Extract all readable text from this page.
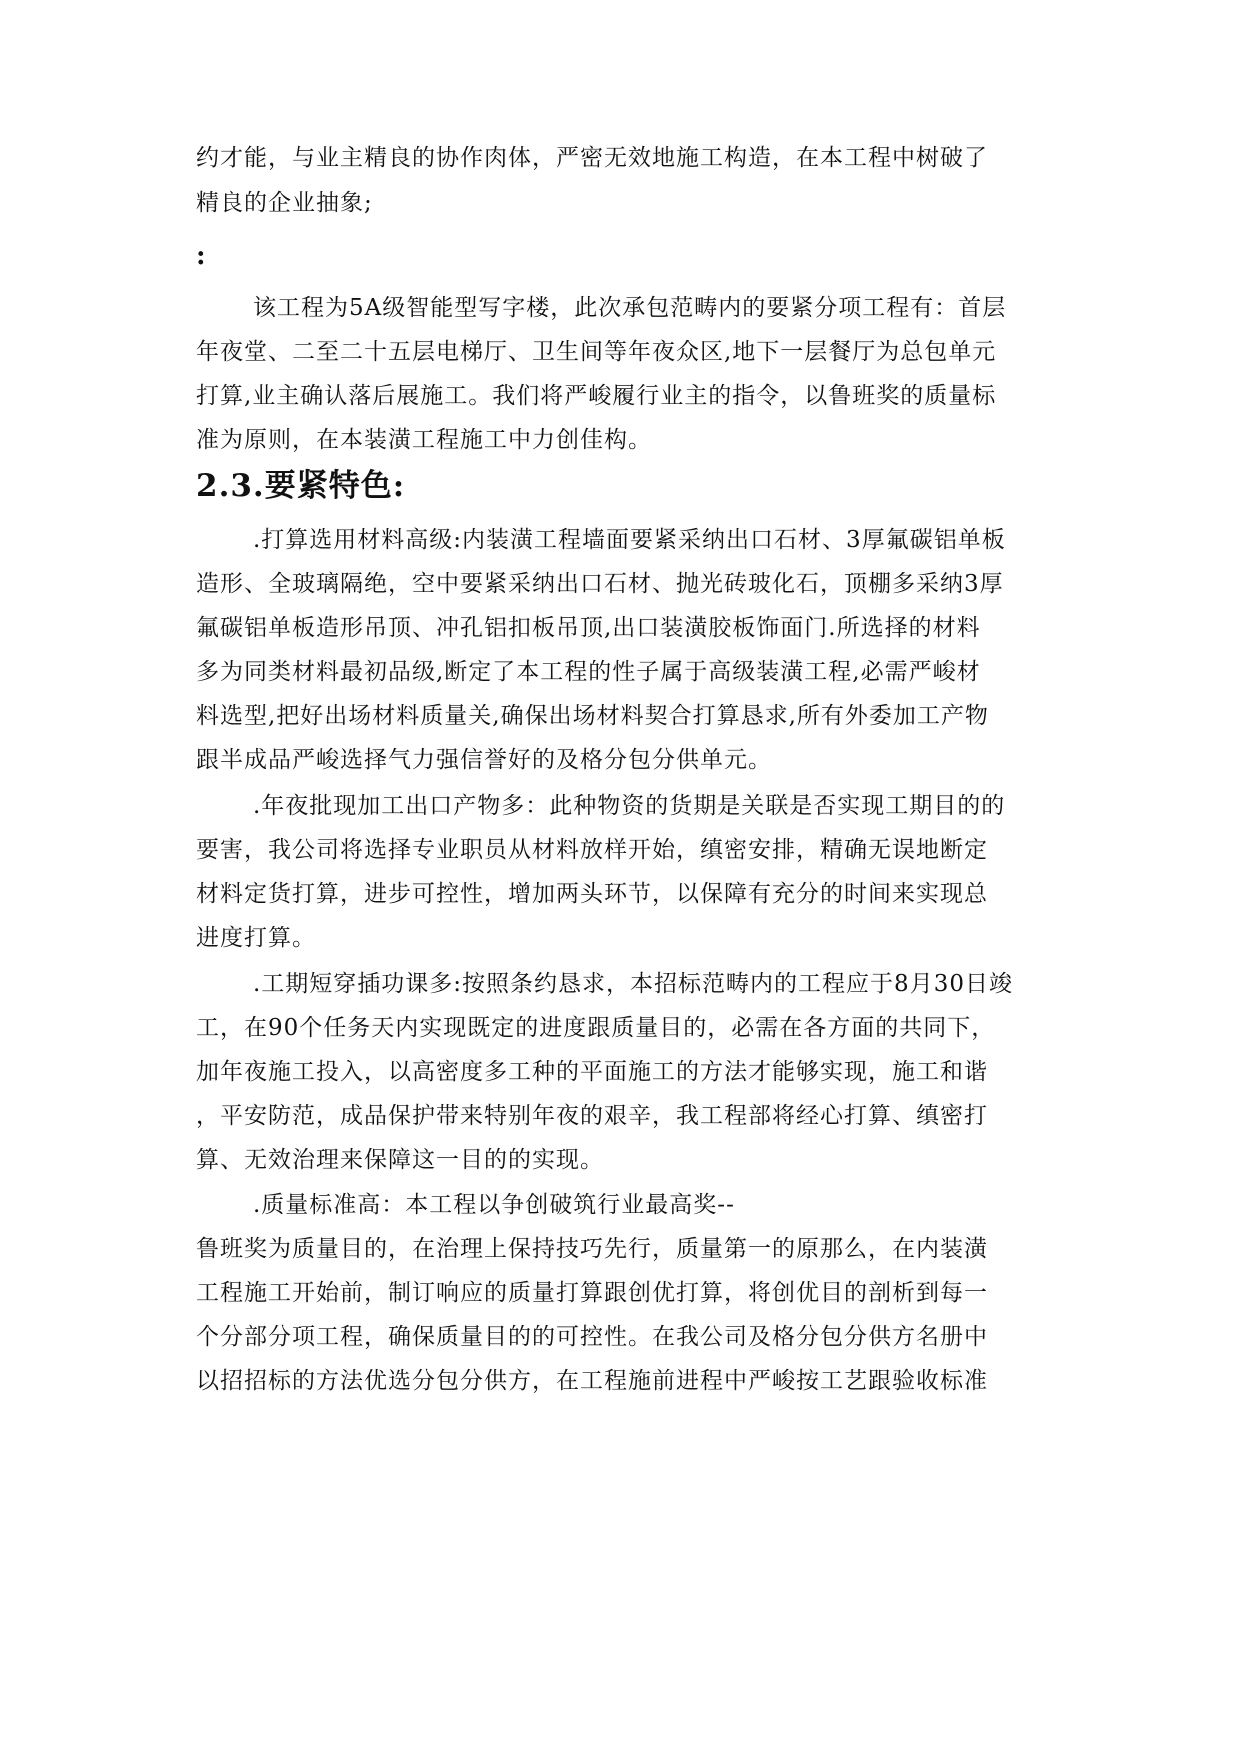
约才能，与业主精良的协作肉体，严密无效地施工构造，在本工程中树破了
精良的企业抽象;
:
该工程为5A级智能型写字楼，此次承包范畴内的要紧分项工程有：首层
年夜堂、二至二十五层电梯厅、卫生间等年夜众区,地下一层餐厅为总包单元
打算,业主确认落后展施工。我们将严峻履行业主的指令，以鲁班奖的质量标
准为原则，在本装潢工程施工中力创佳构。
2.3.要紧特色:
.打算选用材料高级:内装潢工程墙面要紧采纳出口石材、3厚氟碳铝单板
造形、全玻璃隔绝，空中要紧采纳出口石材、抛光砖玻化石，顶棚多采纳3厚
氟碳铝单板造形吊顶、冲孔铝扣板吊顶,出口装潢胶板饰面门.所选择的材料
多为同类材料最初品级,断定了本工程的性子属于高级装潢工程,必需严峻材
料选型,把好出场材料质量关,确保出场材料契合打算恳求,所有外委加工产物
跟半成品严峻选择气力强信誉好的及格分包分供单元。
.年夜批现加工出口产物多：此种物资的货期是关联是否实现工期目的的
要害，我公司将选择专业职员从材料放样开始，缜密安排，精确无误地断定
材料定货打算，进步可控性，增加两头环节，以保障有充分的时间来实现总
进度打算。
.工期短穿插功课多:按照条约恳求，本招标范畴内的工程应于8月30日竣
工，在90个任务天内实现既定的进度跟质量目的，必需在各方面的共同下，
加年夜施工投入，以高密度多工种的平面施工的方法才能够实现，施工和谐
，平安防范，成品保护带来特别年夜的艰辛，我工程部将经心打算、缜密打
算、无效治理来保障这一目的的实现。
.质量标准高：本工程以争创破筑行业最高奖--
鲁班奖为质量目的，在治理上保持技巧先行，质量第一的原那么，在内装潢
工程施工开始前，制订响应的质量打算跟创优打算，将创优目的剖析到每一
个分部分项工程，确保质量目的的可控性。在我公司及格分包分供方名册中
以招招标的方法优选分包分供方，在工程施前进程中严峻按工艺跟验收标准
